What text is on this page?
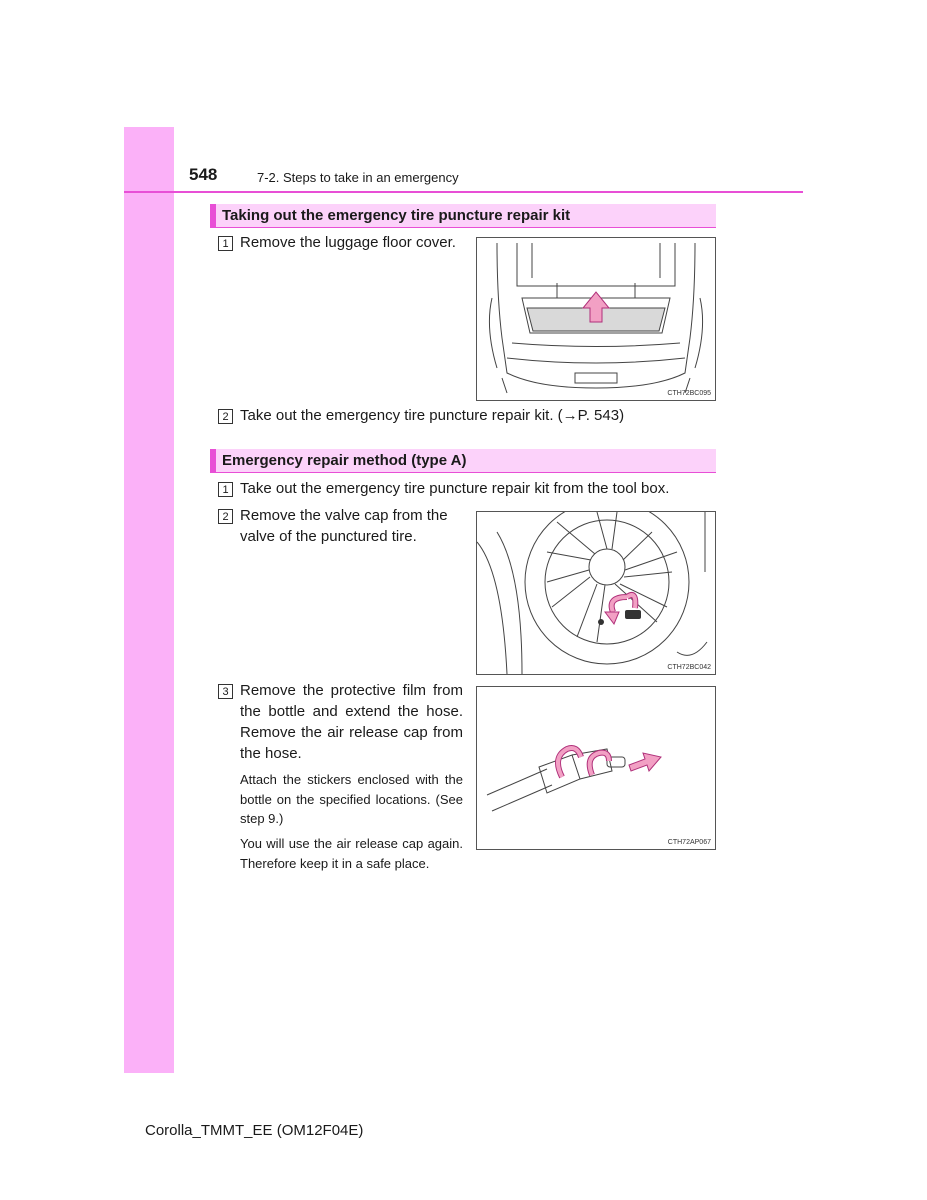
548	7-2. Steps to take in an emergency
Taking out the emergency tire puncture repair kit
1 Remove the luggage floor cover.
CTH72BC095
2 Take out the emergency tire puncture repair kit. (→P. 543)
Emergency repair method (type A)
1 Take out the emergency tire puncture repair kit from the tool box.
2 Remove the valve cap from the valve of the punctured tire.
CTH72BC042
3 Remove the protective film from the bottle and extend the hose. Remove the air release cap from the hose.
Attach the stickers enclosed with the bottle on the specified locations. (See step 9.)
You will use the air release cap again. Therefore keep it in a safe place.
CTH72AP067
Corolla_TMMT_EE (OM12F04E)
